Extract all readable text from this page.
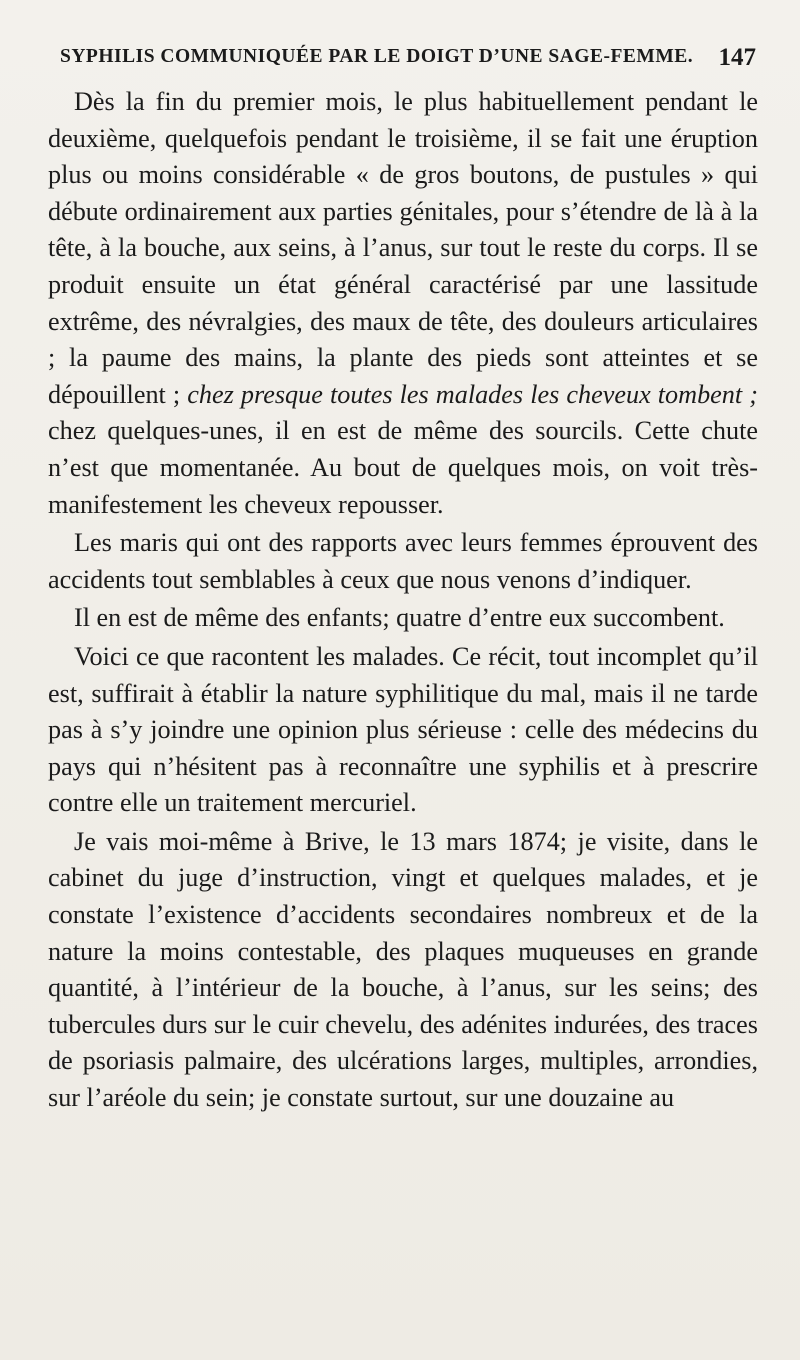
SYPHILIS COMMUNIQUÉE PAR LE DOIGT D’UNE SAGE-FEMME. 147

Dès la fin du premier mois, le plus habituellement pendant le deuxième, quelquefois pendant le troisième, il se fait une éruption plus ou moins considérable « de gros boutons, de pustules » qui débute ordinairement aux parties génitales, pour s’étendre de là à la tête, à la bouche, aux seins, à l’anus, sur tout le reste du corps. Il se produit ensuite un état général caractérisé par une lassitude extrême, des névralgies, des maux de tête, des douleurs articulaires ; la paume des mains, la plante des pieds sont atteintes et se dépouillent ; chez presque toutes les malades les cheveux tombent ; chez quelques-unes, il en est de même des sourcils. Cette chute n’est que momentanée. Au bout de quelques mois, on voit très-manifestement les cheveux repousser.

Les maris qui ont des rapports avec leurs femmes éprouvent des accidents tout semblables à ceux que nous venons d’indiquer.

Il en est de même des enfants; quatre d’entre eux succombent.

Voici ce que racontent les malades. Ce récit, tout incomplet qu’il est, suffirait à établir la nature syphilitique du mal, mais il ne tarde pas à s’y joindre une opinion plus sérieuse : celle des médecins du pays qui n’hésitent pas à reconnaître une syphilis et à prescrire contre elle un traitement mercuriel.

Je vais moi-même à Brive, le 13 mars 1874; je visite, dans le cabinet du juge d’instruction, vingt et quelques malades, et je constate l’existence d’accidents secondaires nombreux et de la nature la moins contestable, des plaques muqueuses en grande quantité, à l’intérieur de la bouche, à l’anus, sur les seins; des tubercules durs sur le cuir chevelu, des adénites indurées, des traces de psoriasis palmaire, des ulcérations larges, multiples, arrondies, sur l’aréole du sein; je constate surtout, sur une douzaine au
